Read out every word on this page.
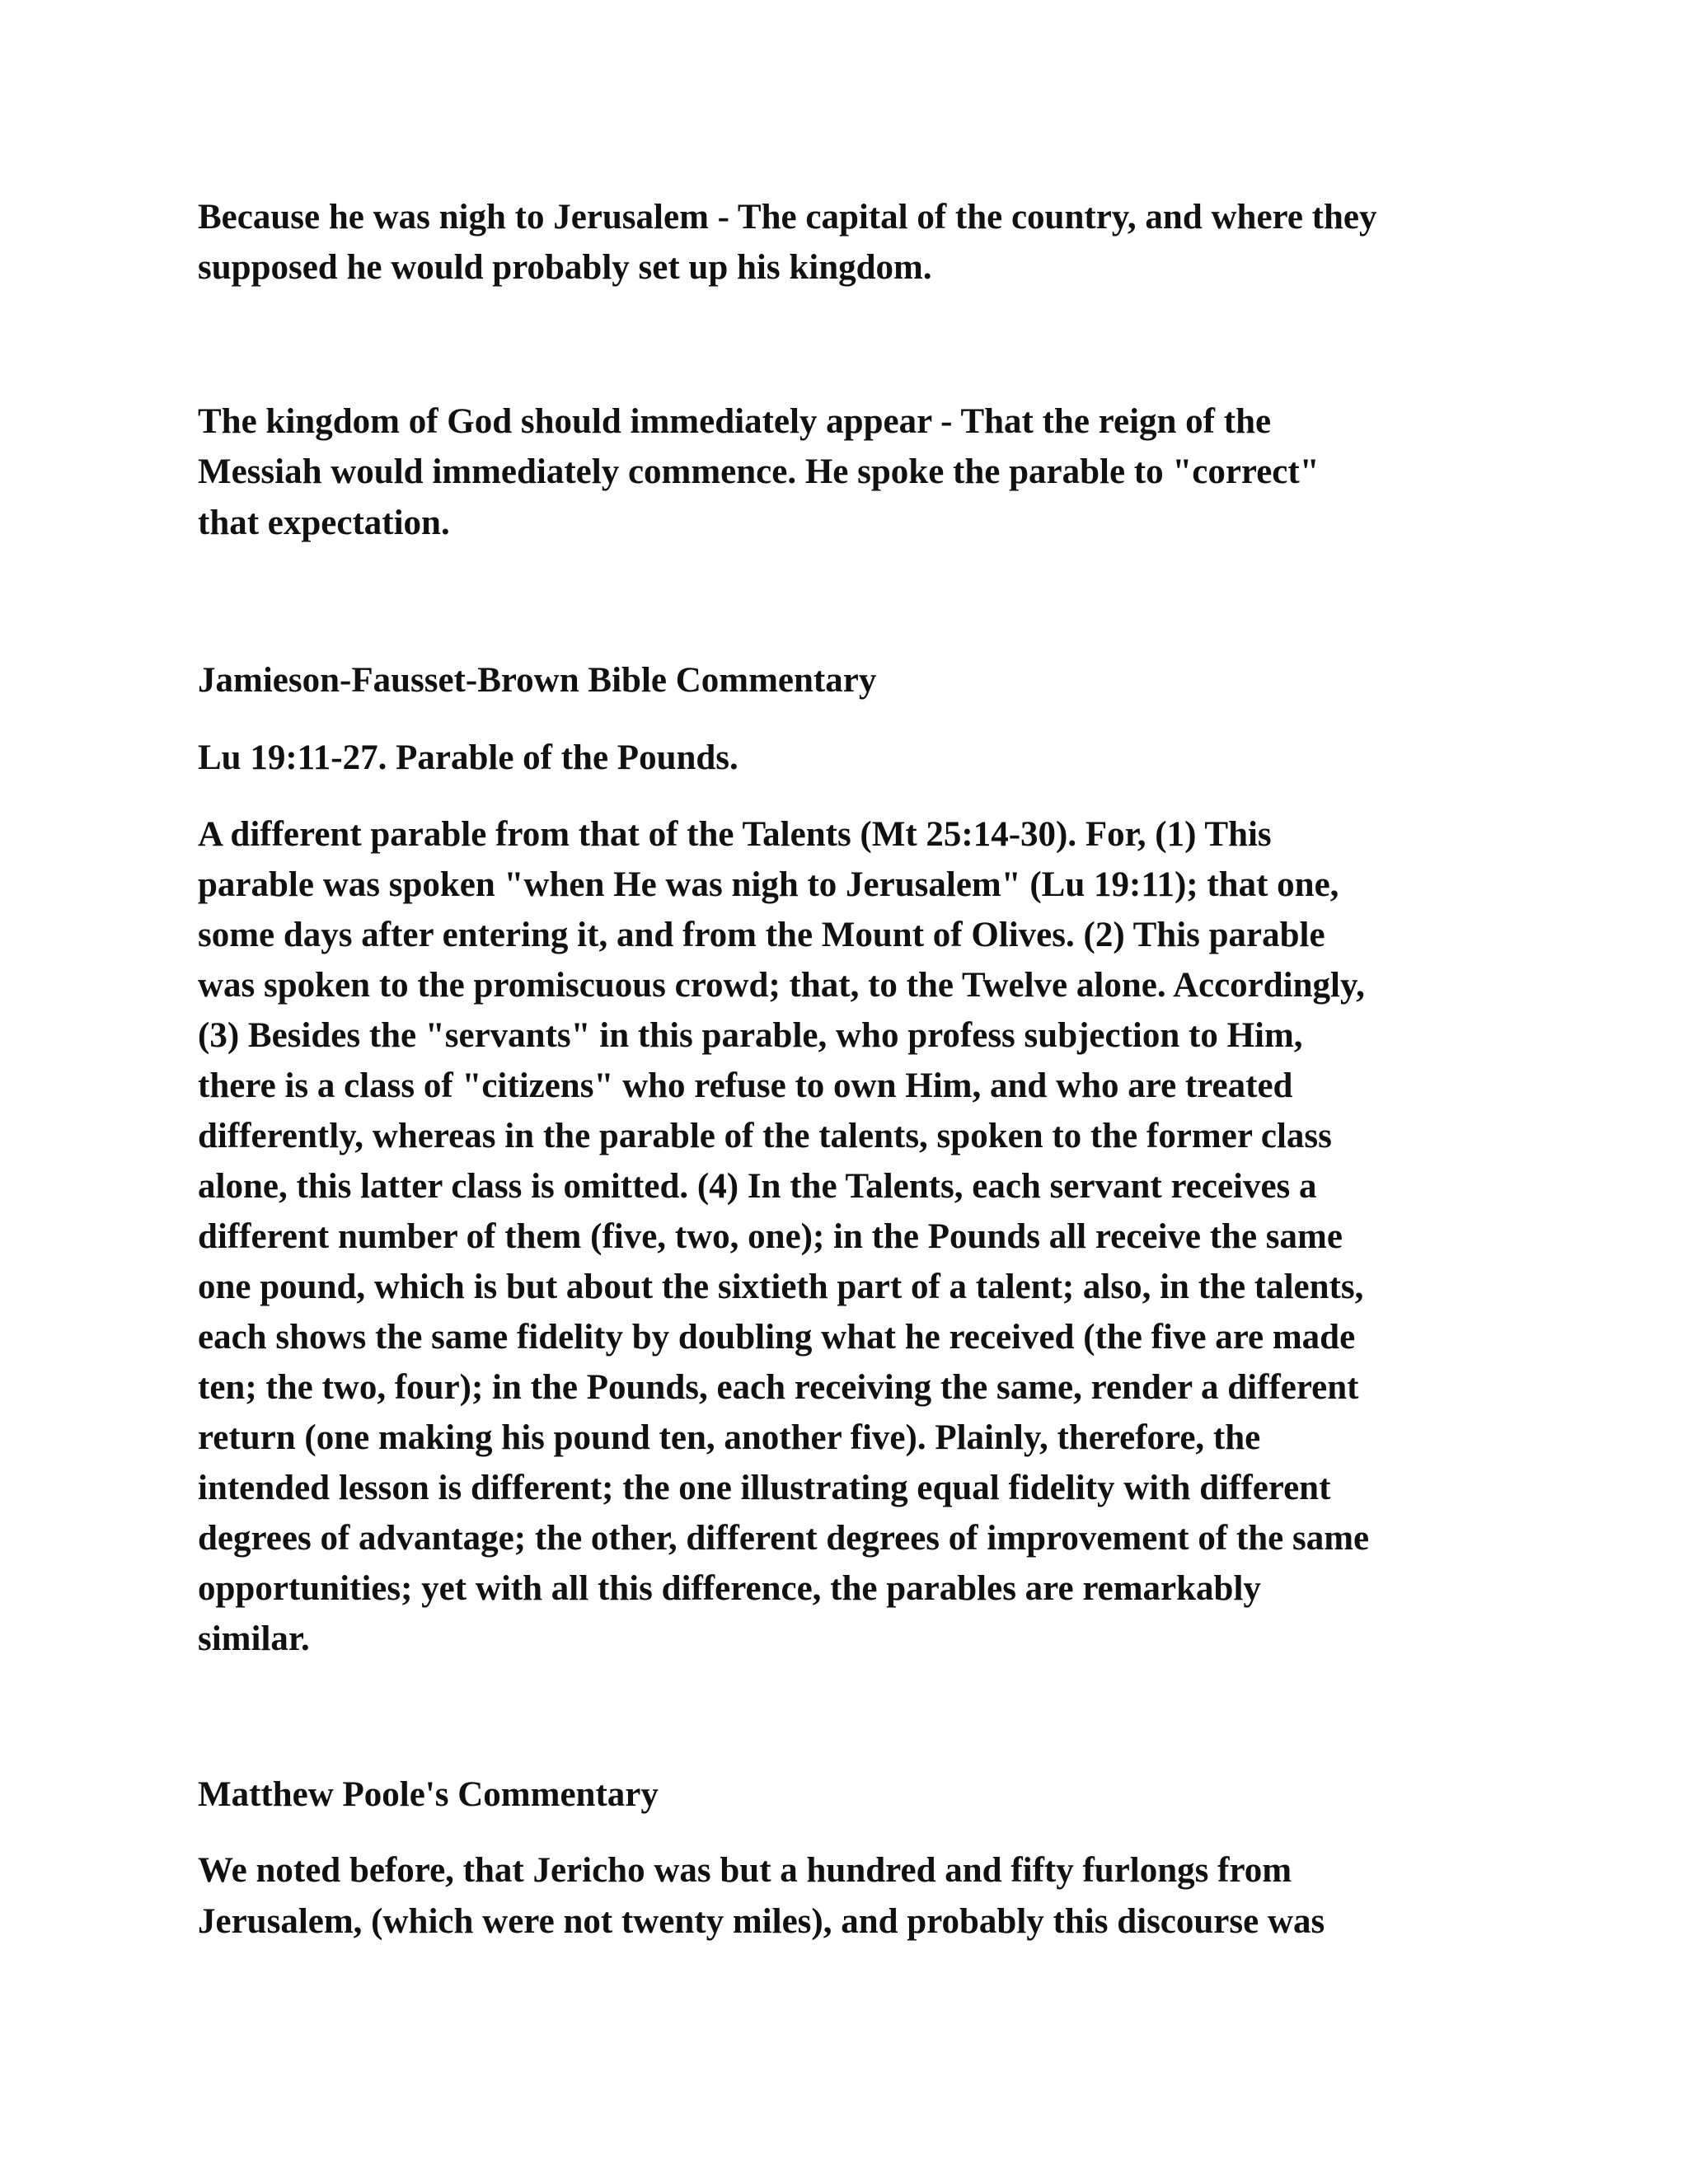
Because he was nigh to Jerusalem - The capital of the country, and where they

supposed he would probably set up his kingdom.

The kingdom of God should immediately appear - That the reign of the

Messiah would immediately commence. He spoke the parable to "correct"

that expectation.

Jamieson-Fausset-Brown Bible Commentary

Lu 19:11-27. Parable of the Pounds.

A different parable from that of the Talents (Mt 25:14-30). For, (1) This

parable was spoken "when He was nigh to Jerusalem" (Lu 19:11); that one,

some days after entering it, and from the Mount of Olives. (2) This parable

was spoken to the promiscuous crowd; that, to the Twelve alone. Accordingly,

(3) Besides the "servants" in this parable, who profess subjection to Him,

there is a class of "citizens" who refuse to own Him, and who are treated

differently, whereas in the parable of the talents, spoken to the former class

alone, this latter class is omitted. (4) In the Talents, each servant receives a

different number of them (five, two, one); in the Pounds all receive the same

one pound, which is but about the sixtieth part of a talent; also, in the talents,

each shows the same fidelity by doubling what he received (the five are made

ten; the two, four); in the Pounds, each receiving the same, render a different

return (one making his pound ten, another five). Plainly, therefore, the

intended lesson is different; the one illustrating equal fidelity with different

degrees of advantage; the other, different degrees of improvement of the same

opportunities; yet with all this difference, the parables are remarkably

similar.

Matthew Poole's Commentary

We noted before, that Jericho was but a hundred and fifty furlongs from

Jerusalem, (which were not twenty miles), and probably this discourse was
